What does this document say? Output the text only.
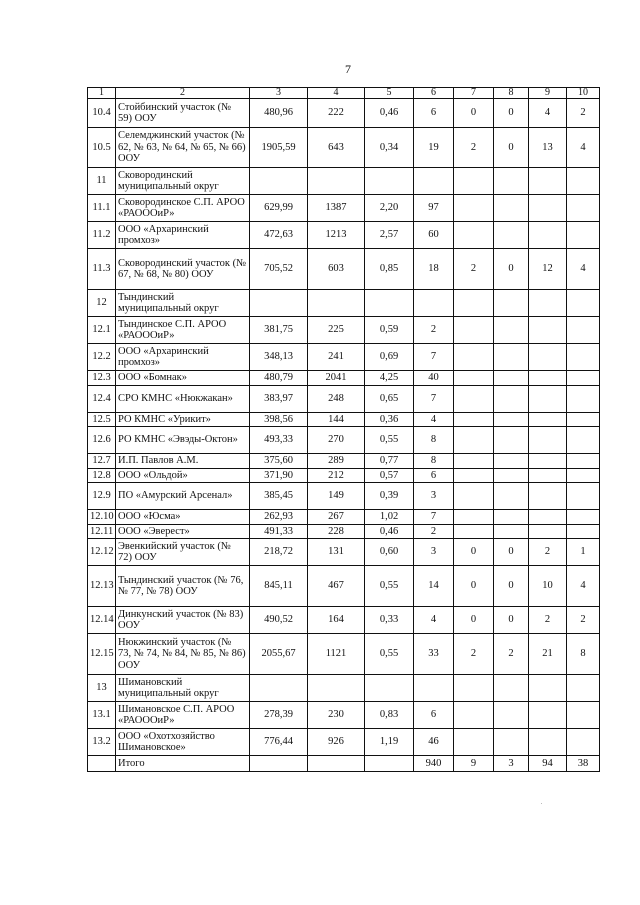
7
1	2	3	4	5	6	7	8	9	10
10.4	Стойбинский участок (№ 59) ООУ	480,96	222	0,46	6	0	0	4	2
10.5	Селемджинский участок (№ 62, № 63, № 64, № 65, № 66) ООУ	1905,59	643	0,34	19	2	0	13	4
11	Сковородинский муниципальный округ								
11.1	Сковородинское С.П. АРОО «РАОООиР»	629,99	1387	2,20	97				
11.2	ООО «Архаринский промхоз»	472,63	1213	2,57	60				
11.3	Сковородинский участок (№ 67, № 68, № 80) ООУ	705,52	603	0,85	18	2	0	12	4
12	Тындинский муниципальный округ								
12.1	Тындинское С.П. АРОО «РАОООиР»	381,75	225	0,59	2				
12.2	ООО «Архаринский промхоз»	348,13	241	0,69	7				
12.3	ООО «Бомнак»	480,79	2041	4,25	40				
12.4	СРО КМНС «Нюкжакан»	383,97	248	0,65	7				
12.5	РО КМНС «Урикит»	398,56	144	0,36	4				
12.6	РО КМНС «Эвэды-Октон»	493,33	270	0,55	8				
12.7	И.П. Павлов А.М.	375,60	289	0,77	8				
12.8	ООО «Ольдой»	371,90	212	0,57	6				
12.9	ПО «Амурский Арсенал»	385,45	149	0,39	3				
12.10	ООО «Юсма»	262,93	267	1,02	7				
12.11	ООО «Эверест»	491,33	228	0,46	2				
12.12	Эвенкийский участок (№ 72) ООУ	218,72	131	0,60	3	0	0	2	1
12.13	Тындинский участок (№ 76, № 77, № 78) ООУ	845,11	467	0,55	14	0	0	10	4
12.14	Динкунский участок (№ 83) ООУ	490,52	164	0,33	4	0	0	2	2
12.15	Нюкжинский участок (№ 73, № 74, № 84, № 85, № 86) ООУ	2055,67	1121	0,55	33	2	2	21	8
13	Шимановский муниципальный округ								
13.1	Шимановское С.П. АРОО «РАОООиР»	278,39	230	0,83	6				
13.2	ООО «Охотхозяйство Шимановское»	776,44	926	1,19	46				
	Итого				940	9	3	94	38
